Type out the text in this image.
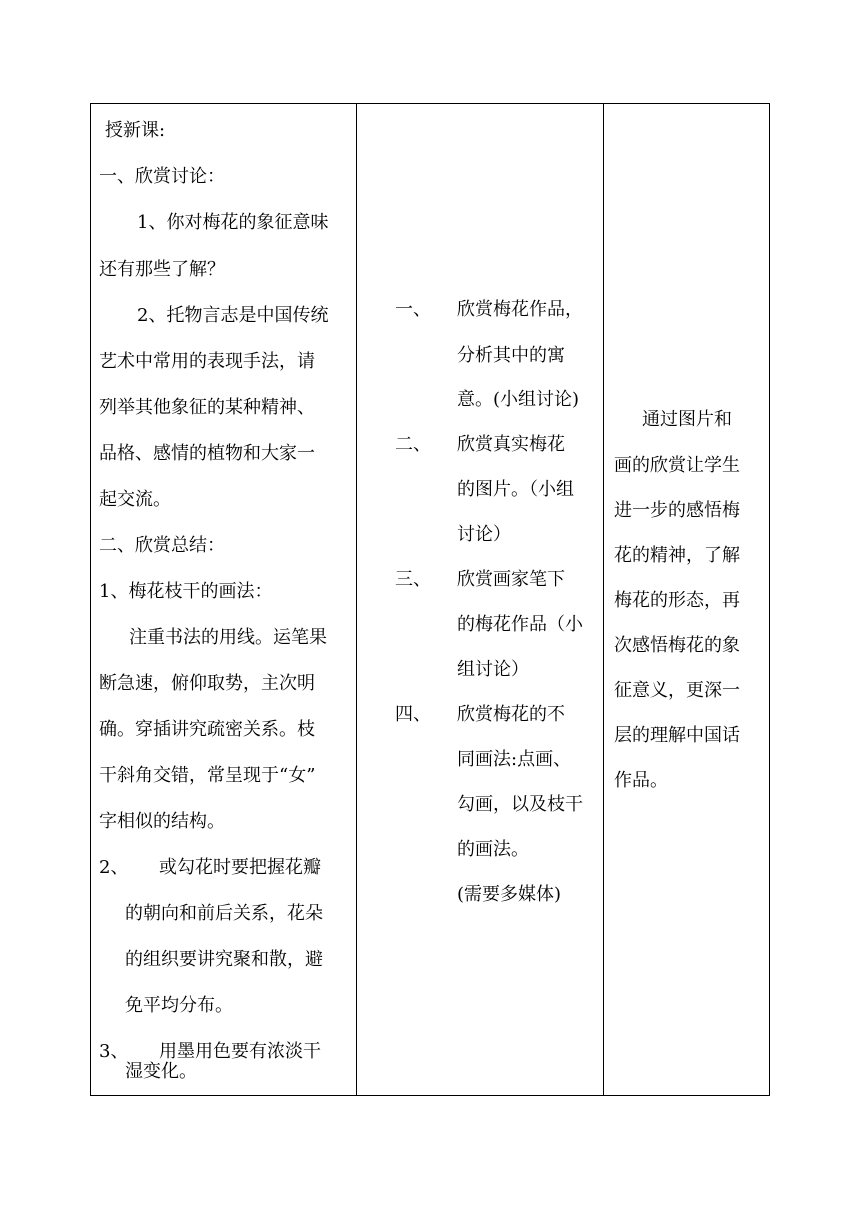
授新课:
一、欣赏讨论：
1、你对梅花的象征意味
还有那些了解？
2、托物言志是中国传统
艺术中常用的表现手法，请
列举其他象征的某种精神、
品格、感情的植物和大家一
起交流。
二、欣赏总结：
1、梅花枝干的画法：
注重书法的用线。运笔果
断急速，俯仰取势，主次明
确。穿插讲究疏密关系。枝
干斜角交错，常呈现于“女”
字相似的结构。
2、 或勾花时要把握花瓣
的朝向和前后关系，花朵
的组织要讲究聚和散，避
免平均分布。
3、 用墨用色要有浓淡干
湿变化。
一、 欣赏梅花作品，
分析其中的寓
意。(小组讨论)
二、 欣赏真实梅花
的图片。（小组
讨论）
三、 欣赏画家笔下
的梅花作品（小
组讨论）
四、 欣赏梅花的不
同画法:点画、
勾画，以及枝干
的画法。
(需要多媒体)
通过图片和
画的欣赏让学生
进一步的感悟梅
花的精神，了解
梅花的形态，再
次感悟梅花的象
征意义，更深一
层的理解中国话
作品。
